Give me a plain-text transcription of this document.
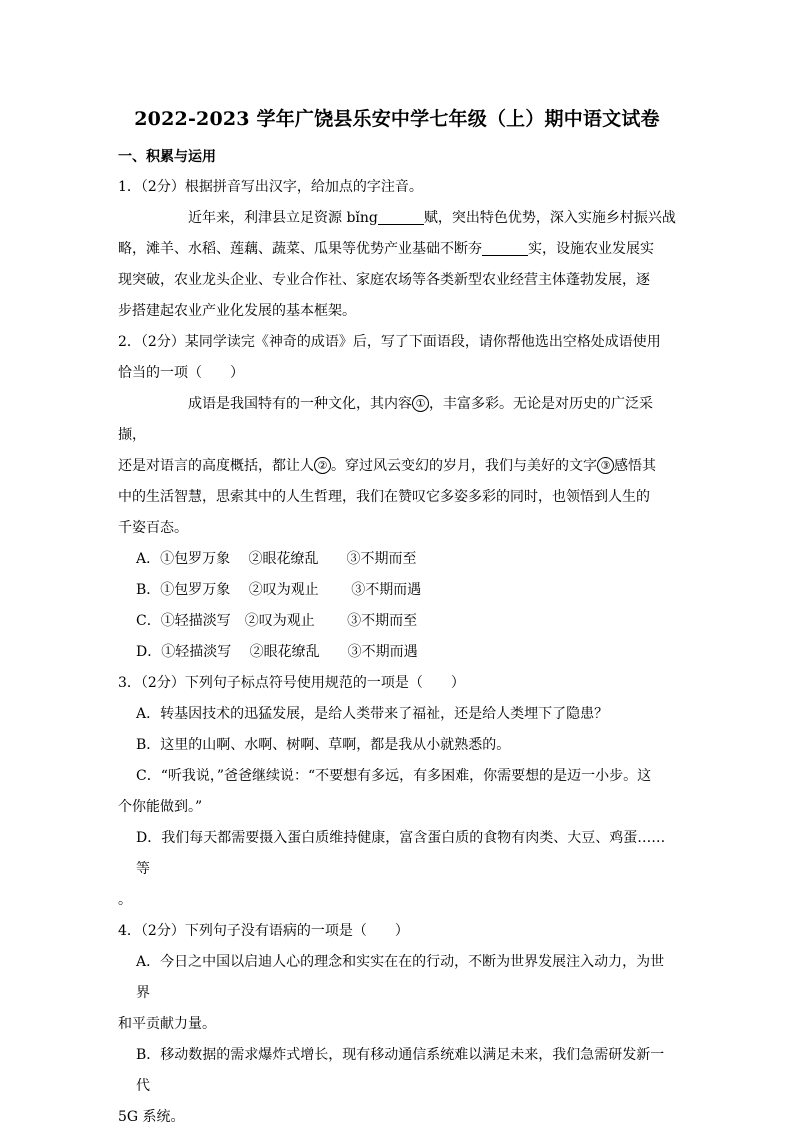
2022-2023 学年广饶县乐安中学七年级（上）期中语文试卷
一、积累与运用
1．（2分）根据拼音写出汉字，给加点的字注音。
近年来，利津县立足资源 bǐng	赋，突出特色优势，深入实施乡村振兴战
略，滩羊、水稻、莲藕、蔬菜、瓜果等优势产业基础不断夯	实，设施农业发展实
现突破，农业龙头企业、专业合作社、家庭农场等各类新型农业经营主体蓬勃发展，逐
步搭建起农业产业化发展的基本框架。
2．（2分）某同学读完《神奇的成语》后，写了下面语段，请你帮他选出空格处成语使用
恰当的一项（　　）
成语是我国特有的一种文化，其内容 ① ，丰富多彩。无论是对历史的广泛采撷，
还是对语言的高度概括，都让人 ② 。穿过风云变幻的岁月，我们与美好的文字 ③ 感悟其
中的生活智慧，思索其中的人生哲理，我们在赞叹它多姿多彩的同时，也领悟到人生的
千姿百态。
A．①包罗万象　 ②眼花缭乱　　③不期而至
B．①包罗万象　 ②叹为观止　　 ③不期而遇
C．①轻描淡写　②叹为观止　　 ③不期而至
D．①轻描淡写　 ②眼花缭乱　　③不期而遇
3．（2分）下列句子标点符号使用规范的一项是（　　）
A．转基因技术的迅猛发展，是给人类带来了福祉，还是给人类埋下了隐患？
B．这里的山啊、水啊、树啊、草啊，都是我从小就熟悉的。
C．“听我说，”爸爸继续说：“不要想有多远，有多困难，你需要想的是迈一小步。这
个你能做到。”
D．我们每天都需要摄入蛋白质维持健康，富含蛋白质的食物有肉类、大豆、鸡蛋……等
。
4．（2分）下列句子没有语病的一项是（　　）
A．今日之中国以启迪人心的理念和实实在在的行动，不断为世界发展注入动力，为世界
和平贡献力量。
B．移动数据的需求爆炸式增长，现有移动通信系统难以满足未来，我们急需研发新一代
5G 系统。
